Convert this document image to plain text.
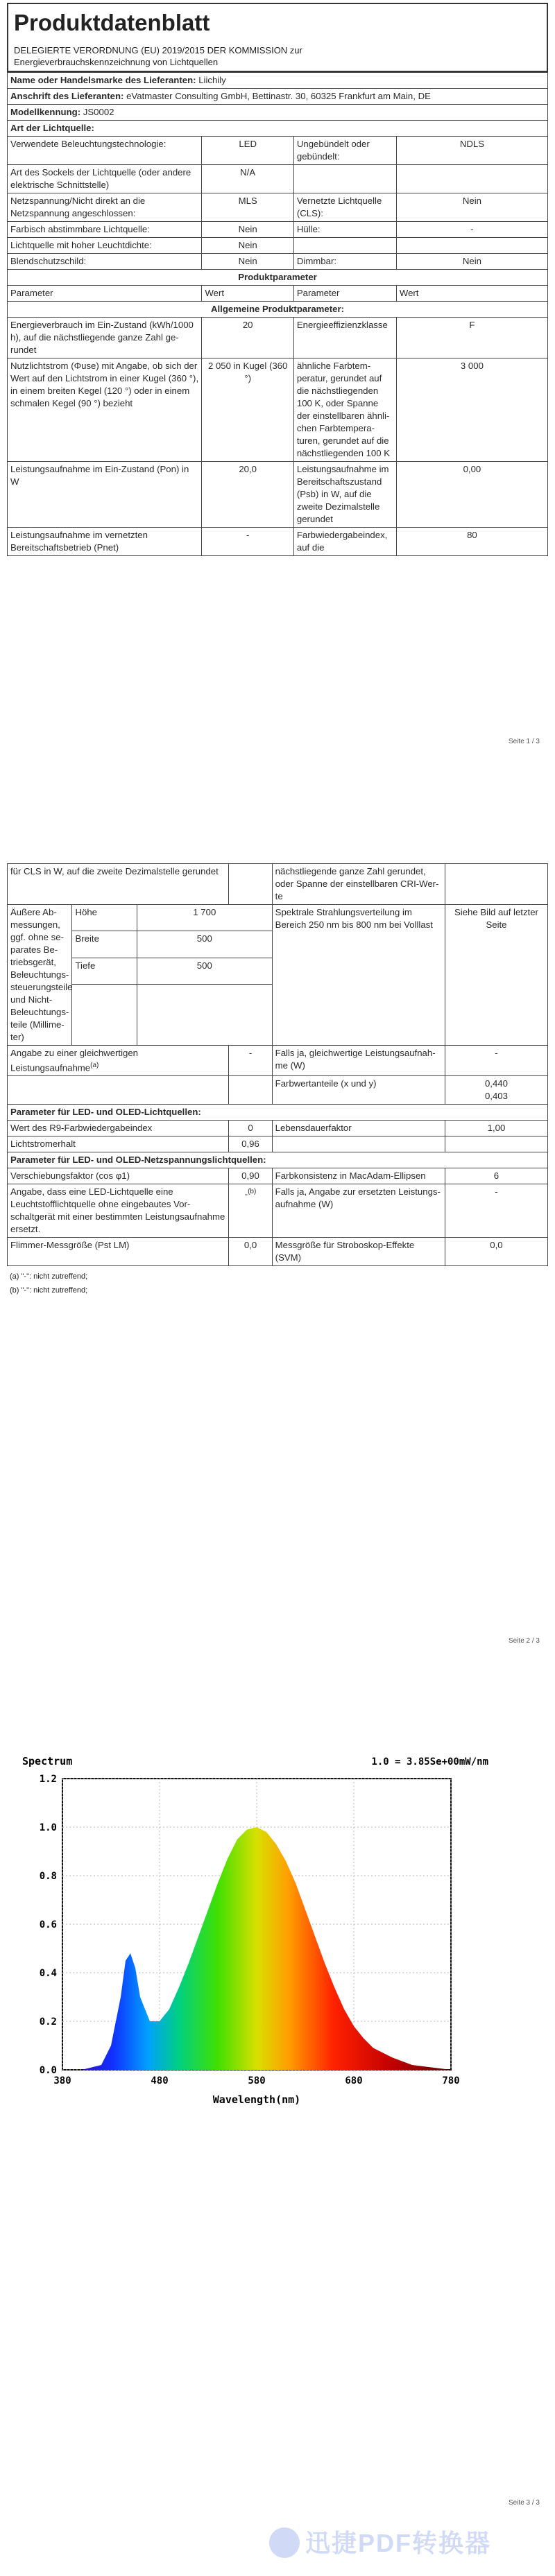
Produktdatenblatt
DELEGIERTE VERORDNUNG (EU) 2019/2015 DER KOMMISSION zur
Energieverbrauchskennzeichnung von Lichtquellen
Name oder Handelsmarke des Lieferanten: Liichily			
Anschrift des Lieferanten: eVatmaster Consulting GmbH, Bettinastr. 30, 60325 Frankfurt am Main, DE			
Modellkennung: JS0002			
Art der Lichtquelle:			
Verwendete Beleuchtungstechnologie:	LED	Ungebündelt oder gebündelt:	NDLS
Art des Sockels der Lichtquelle (oder andere elektrische Schnittstelle)	N/A		
Netzspannung/Nicht direkt an die Netzspannung angeschlossen:	MLS	Vernetzte Lichtquelle (CLS):	Nein
Farbisch abstimmbare Lichtquelle:	Nein	Hülle:	-
Lichtquelle mit hoher Leuchtdichte:	Nein		
Blendschutzschild:	Nein	Dimmbar:	Nein
Produktparameter			
Parameter	Wert	Parameter	Wert
Allgemeine Produktparameter:			
Energieverbrauch im Ein-Zustand (kWh/1000 h), auf die nächstliegende ganze Zahl gerundet	20	Energieeffizienzklasse	F
Nutzlichtstrom (Φuse) mit Angabe, ob sich der Wert auf den Lichtstrom in einer Kugel (360 °), in einem breiten Kegel (120 °) oder in einem schmalen Kegel (90 °) bezieht	2 050 in Kugel (360 °)	ähnliche Farbtemperatur, gerundet auf die nächstliegenden 100 K, oder Spanne der einstellbaren ähnlichen Farbtemperaturen, gerundet auf die nächstliegenden 100 K	3 000
Leistungsaufnahme im Ein-Zustand (Pon) in W	20,0	Leistungsaufnahme im Bereitschaftszustand (Psb) in W, auf die zweite Dezimalstelle gerundet	0,00
Leistungsaufnahme im vernetzten Bereitschaftsbetrieb (Pnet)	-	Farbwiedergabeindex, auf die	80
Seite 1 / 3
für CLS in W, auf die zweite Dezimalstelle gerundet				nächstliegende ganze Zahl gerundet, oder Spanne der einstellbaren CRI-Werte	
Äußere Abmessungen, ggf. ohne separates Betriebsgerät, Beleuchtungssteuerungsteile und Nicht-Beleuchtungsteile (Millimeter)	Höhe	1 700		Spektrale Strahlungsverteilung im Bereich 250 nm bis 800 nm bei Volllast	Siehe Bild auf letzter Seite
	Breite	500			
	Tiefe	500			

Angabe zu einer gleichwertigen Leistungsaufnahme$^{(a)}$			-	Falls ja, gleichwertige Leistungsaufnahme (W)	-
				Farbwertanteile (x und y)	0,440
0,403

Parameter für LED- und OLED-Lichtquellen:					
Wert des R9-Farbwiedergabeindex			0	Lebensdauerfaktor	1,00
Lichtstromerhalt			0,96		
Parameter für LED- und OLED-Netzspannungslichtquellen:					
Verschiebungsfaktor (cos φ1)			0,90	Farbkonsistenz in MacAdam-Ellipsen	6
Angabe, dass eine LED-Lichtquelle eine Leuchtstofflichtquelle ohne eingebautes Vorschaltgerät mit einer bestimmten Leistungsaufnahme ersetzt.			-$^{(b)}$	Falls ja, Angabe zur ersetzten Leistungsaufnahme (W)	-
Flimmer-Messgröße (Pst LM)			0,0	Messgröße für Stroboskop-Effekte (SVM)	0,0
(a) "-": nicht zutreffend;
(b) "-": nicht zutreffend;
Seite 2 / 3
0.0
0.2
0.4
0.6
0.8
1.0
1.2
380	480	580	680	780
Spectrum	1.0 = 3.85Se+00mW/nm
Wavelength(nm)
Seite 3 / 3
迅捷PDF转换器
